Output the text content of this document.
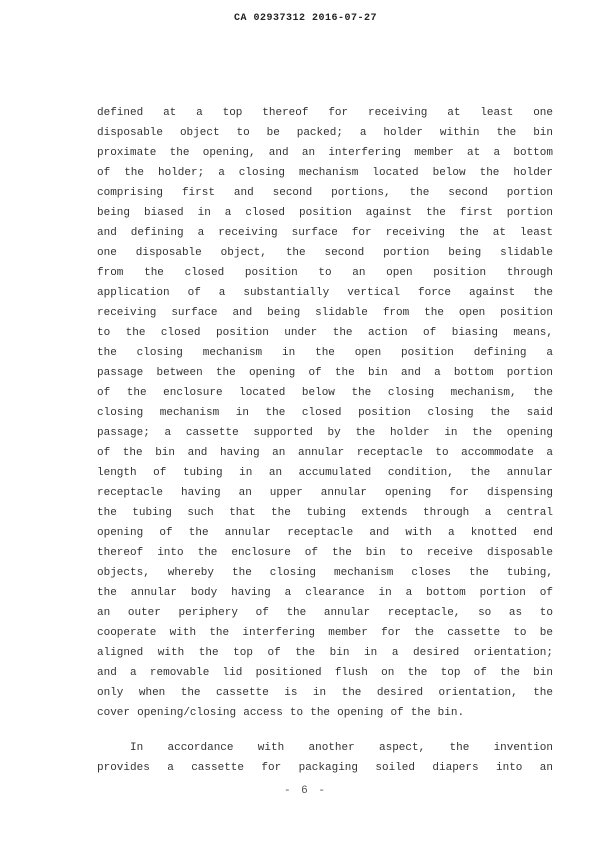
CA 02937312 2016-07-27
defined at a top thereof for receiving at least one
disposable object to be packed; a holder within the bin
proximate the opening, and an interfering member at a bottom
of the holder; a closing mechanism located below the holder
comprising first and second portions, the second portion
being biased in a closed position against the first portion
and defining a receiving surface for receiving the at least
one disposable object, the second portion being slidable
from the closed position to an open position through
application of a substantially vertical force against the
receiving surface and being slidable from the open position
to the closed position under the action of biasing means,
the closing mechanism in the open position defining a
passage between the opening of the bin and a bottom portion
of the enclosure located below the closing mechanism, the
closing mechanism in the closed position closing the said
passage; a cassette supported by the holder in the opening
of the bin and having an annular receptacle to accommodate a
length of tubing in an accumulated condition, the annular
receptacle having an upper annular opening for dispensing
the tubing such that the tubing extends through a central
opening of the annular receptacle and with a knotted end
thereof into the enclosure of the bin to receive disposable
objects, whereby the closing mechanism closes the tubing,
the annular body having a clearance in a bottom portion of
an outer periphery of the annular receptacle, so as to
cooperate with the interfering member for the cassette to be
aligned with the top of the bin in a desired orientation;
and a removable lid positioned flush on the top of the bin
only when the cassette is in the desired orientation, the
cover opening/closing access to the opening of the bin.
In accordance with another aspect, the invention
provides a cassette for packaging soiled diapers into an
- 6 -
